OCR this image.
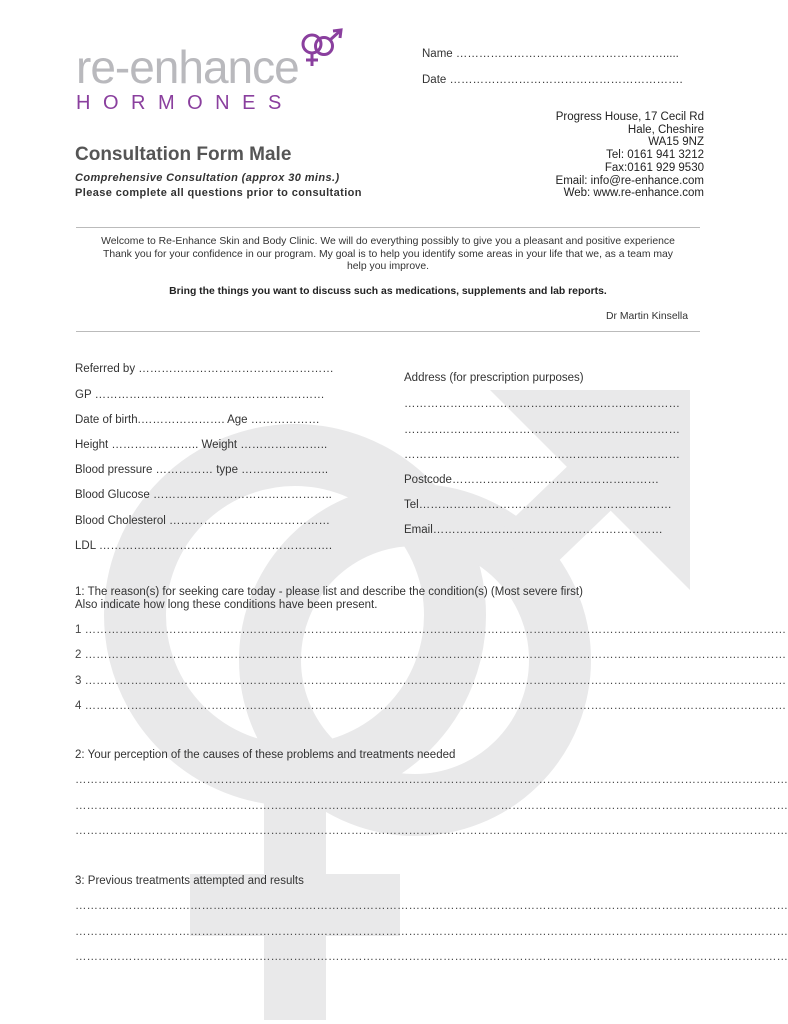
re-enhance
HORMONES
Name ……………………………………………….....
Date …………………………………………………….
Progress House, 17 Cecil Rd
Hale, Cheshire
WA15 9NZ
Tel: 0161 941 3212
Fax:0161 929 9530
Email: info@re-enhance.com
Web: www.re-enhance.com
Consultation Form Male
Comprehensive Consultation (approx 30 mins.)
Please complete all questions prior to consultation
Welcome to Re-Enhance Skin and Body Clinic. We will do everything possibly to give you a pleasant and positive experience
Thank you for your confidence in our program. My goal is to help you identify some areas in your life that we, as a team may
help you improve.
Bring the things you want to discuss such as medications, supplements and lab reports.
Dr Martin Kinsella
Referred by ……………………………………………
GP ……………………………………………………
Date of birth.…………………. Age ………………
Height ………………….. Weight …………………..
Blood pressure …………… type …………………..
Blood Glucose ………………………………………..
Blood Cholesterol ……………………………………
LDL …………………………………………………….
Address (for prescription purposes)
………………………………………………………………
………………………………………………………………
………………………………………………………………
Postcode………………………………………………
Tel…………………………………………………………
Email……………………………………………………
1: The reason(s) for seeking care today - please list and describe the condition(s) (Most severe first)
Also indicate how long these conditions have been present.
1 …………………………………………………………………………………………………………………………………………………………………
2 …………………………………………………………………………………………………………………………………………………………………
3 …………………………………………………………………………………………………………………………………………………………………
4 …………………………………………………………………………………………………………………………………………………………………
2: Your perception of the causes of these problems and treatments needed
……………………………………………………………………………………………………………………………………………………………………
……………………………………………………………………………………………………………………………………………………………………
……………………………………………………………………………………………………………………………………………………………………
3: Previous treatments attempted and results
……………………………………………………………………………………………………………………………………………………………………
……………………………………………………………………………………………………………………………………………………………………
……………………………………………………………………………………………………………………………………………………………………
